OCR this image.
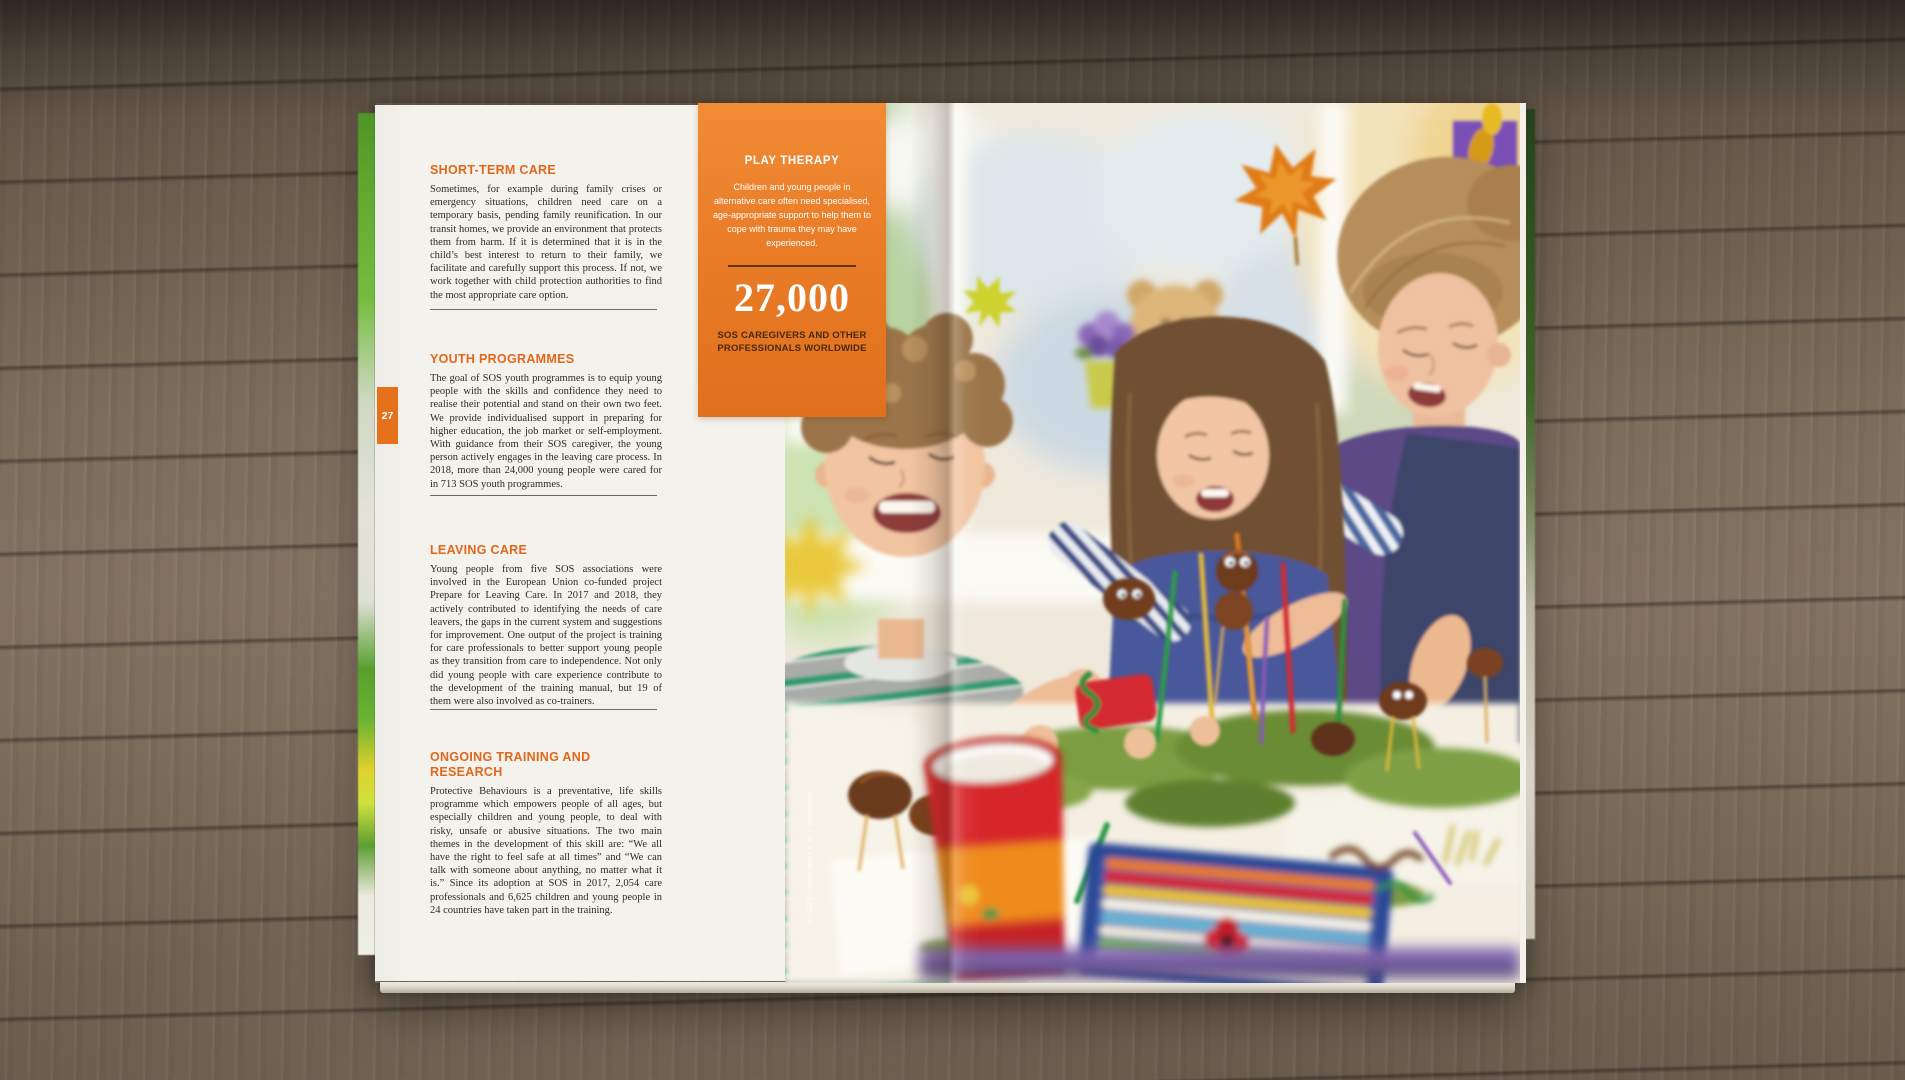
SHORT-TERM CARE

Sometimes, for example during family crises or emergency situations, children need care on a temporary basis, pending family reunification. In our transit homes, we provide an environment that protects them from harm. If it is determined that it is in the child’s best interest to return to their family, we facilitate and carefully support this process. If not, we work together with child protection authorities to find the most appropriate care option.

YOUTH PROGRAMMES

The goal of SOS youth programmes is to equip young people with the skills and confidence they need to realise their potential and stand on their own two feet. We provide individualised support in preparing for higher education, the job market or self-employment. With guidance from their SOS caregiver, the young person actively engages in the leaving care process. In 2018, more than 24,000 young people were cared for in 713 SOS youth programmes.

LEAVING CARE

Young people from five SOS associations were involved in the European Union co-funded project Prepare for Leaving Care. In 2017 and 2018, they actively contributed to identifying the needs of care leavers, the gaps in the current system and suggestions for improvement. One output of the project is training for care professionals to better support young people as they transition from care to independence. Not only did young people with care experience contribute to the development of the training manual, but 19 of them were also involved as co-trainers.

ONGOING TRAINING AND RESEARCH

Protective Behaviours is a preventative, life skills programme which empowers people of all ages, but especially children and young people, to deal with risky, unsafe or abusive situations. The two main themes in the development of this skill are: “We all have the right to feel safe at all times” and “We can talk with someone about anything, no matter what it is.” Since its adoption at SOS in 2017, 2,054 care professionals and 6,625 children and young people in 24 countries have taken part in the training.	© SOS-Kinderdorf e.V. | Germany
PLAY THERAPY

Children and young people in alternative care often need specialised, age-appropriate support to help them to cope with trauma they may have experienced.

27,000
SOS CAREGIVERS AND OTHER PROFESSIONALS WORLDWIDE
27
